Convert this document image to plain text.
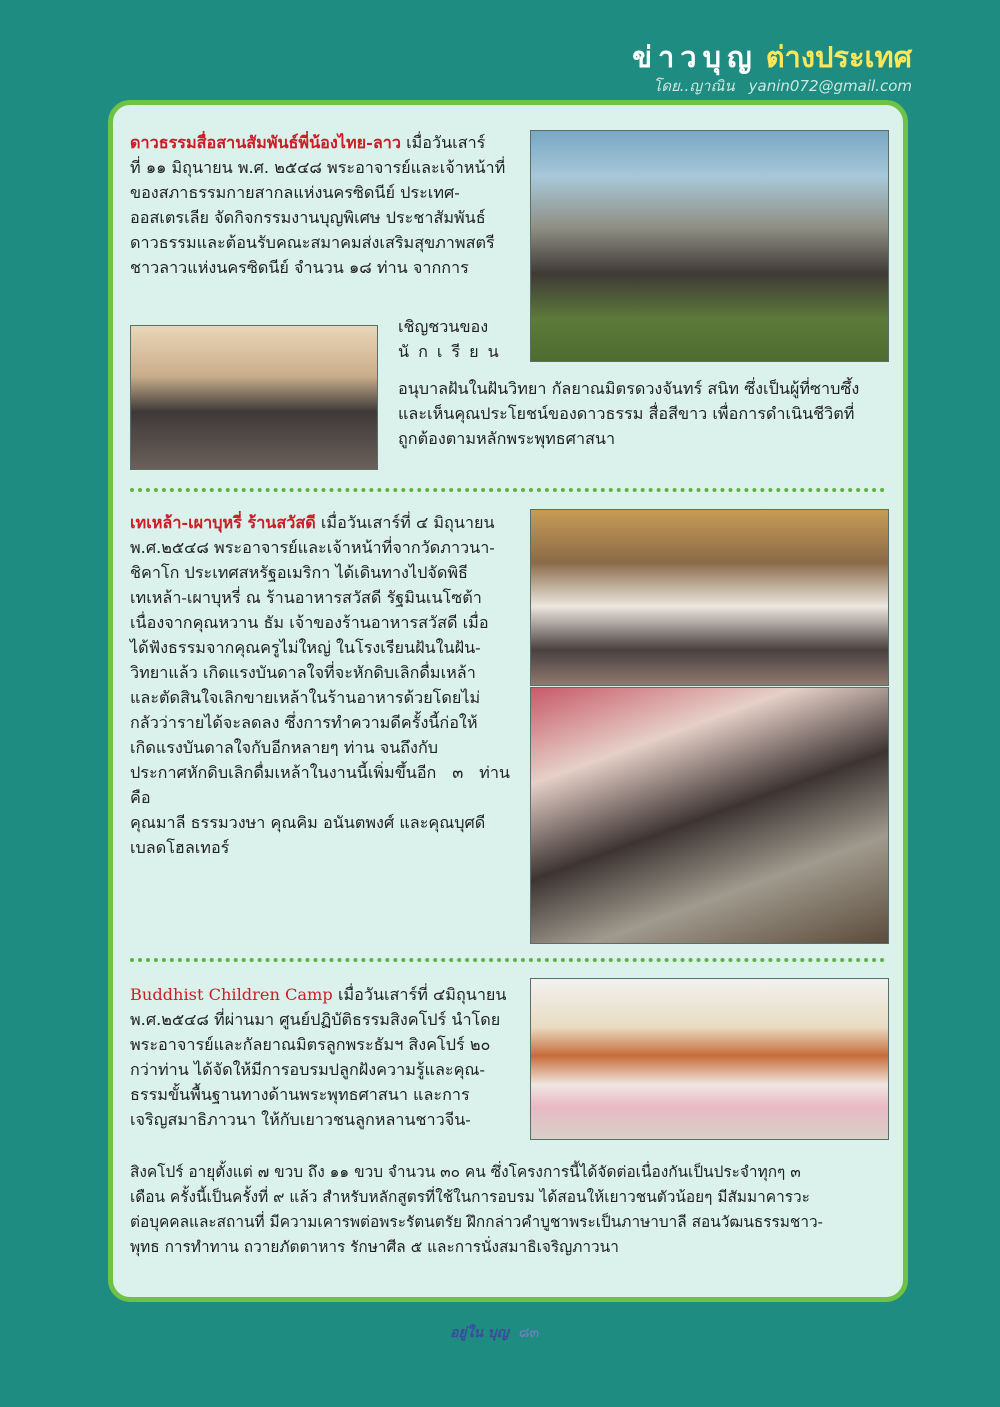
ข่าวบุญ ต่างประเทศ
โดย..ญาณิน yanin072@gmail.com
ดาวธรรมสื่อสานสัมพันธ์พี่น้องไทย-ลาว เมื่อวันเสาร์
ที่ ๑๑ มิถุนายน พ.ศ. ๒๕๔๘ พระอาจารย์และเจ้าหน้าที่
ของสภาธรรมกายสากลแห่งนครซิดนีย์ ประเทศ-
ออสเตรเลีย จัดกิจกรรมงานบุญพิเศษ ประชาสัมพันธ์
ดาวธรรมและต้อนรับคณะสมาคมส่งเสริมสุขภาพสตรี
ชาวลาวแห่งนครซิดนีย์ จำนวน ๑๘ ท่าน จากการ
เชิญชวนของ
นักเรียน
อนุบาลฝันในฝันวิทยา กัลยาณมิตรดวงจันทร์ สนิท ซึ่งเป็นผู้ที่ซาบซึ้ง
และเห็นคุณประโยชน์ของดาวธรรม สื่อสีขาว เพื่อการดำเนินชีวิตที่
ถูกต้องตามหลักพระพุทธศาสนา
เทเหล้า-เผาบุหรี่ ร้านสวัสดี เมื่อวันเสาร์ที่ ๔ มิถุนายน
พ.ศ.๒๕๔๘ พระอาจารย์และเจ้าหน้าที่จากวัดภาวนา-
ชิคาโก ประเทศสหรัฐอเมริกา ได้เดินทางไปจัดพิธี
เทเหล้า-เผาบุหรี่ ณ ร้านอาหารสวัสดี รัฐมินเนโซต้า
เนื่องจากคุณหวาน ธัม เจ้าของร้านอาหารสวัสดี เมื่อ
ได้ฟังธรรมจากคุณครูไม่ใหญ่ ในโรงเรียนฝันในฝัน-
วิทยาแล้ว เกิดแรงบันดาลใจที่จะหักดิบเลิกดื่มเหล้า
และตัดสินใจเลิกขายเหล้าในร้านอาหารด้วยโดยไม่
กลัวว่ารายได้จะลดลง ซึ่งการทำความดีครั้งนี้ก่อให้
เกิดแรงบันดาลใจกับอีกหลายๆ ท่าน จนถึงกับ
ประกาศหักดิบเลิกดื่มเหล้าในงานนี้เพิ่มขึ้นอีก ๓ ท่าน คือ
คุณมาลี ธรรมวงษา คุณคิม อนันตพงศ์ และคุณบุศดี
เบลดโฮลเทอร์
Buddhist Children Camp เมื่อวันเสาร์ที่ ๔มิถุนายน
พ.ศ.๒๕๔๘ ที่ผ่านมา ศูนย์ปฏิบัติธรรมสิงคโปร์ นำโดย
พระอาจารย์และกัลยาณมิตรลูกพระธัมฯ สิงคโปร์ ๒๐
กว่าท่าน ได้จัดให้มีการอบรมปลูกฝังความรู้และคุณ-
ธรรมขั้นพื้นฐานทางด้านพระพุทธศาสนา และการ
เจริญสมาธิภาวนา ให้กับเยาวชนลูกหลานชาวจีน-
สิงคโปร์ อายุตั้งแต่ ๗ ขวบ ถึง ๑๑ ขวบ จำนวน ๓๐ คน ซึ่งโครงการนี้ได้จัดต่อเนื่องกันเป็นประจำทุกๆ ๓
เดือน ครั้งนี้เป็นครั้งที่ ๙ แล้ว สำหรับหลักสูตรที่ใช้ในการอบรม ได้สอนให้เยาวชนตัวน้อยๆ มีสัมมาคารวะ
ต่อบุคคลและสถานที่ มีความเคารพต่อพระรัตนตรัย ฝึกกล่าวคำบูชาพระเป็นภาษาบาลี สอนวัฒนธรรมชาว-
พุทธ การทำทาน ถวายภัตตาหาร รักษาศีล ๕ และการนั่งสมาธิเจริญภาวนา
อยู่ใน บุญ ๘๓
